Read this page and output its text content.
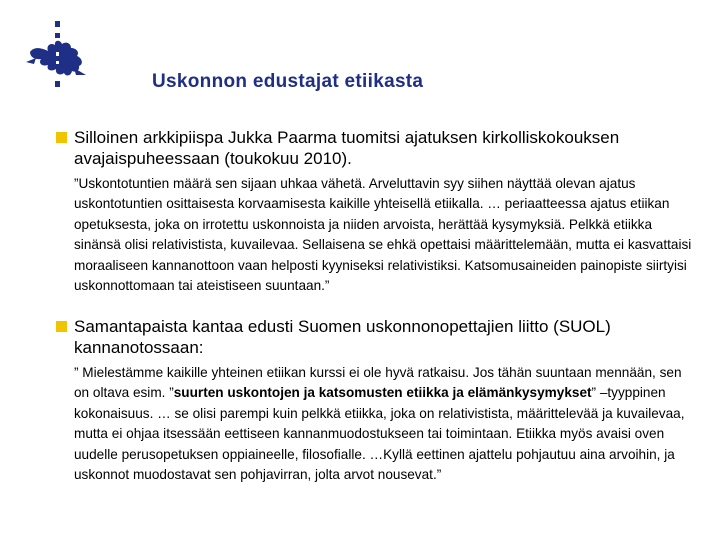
Uskonnon edustajat etiikasta
Silloinen arkkipiispa Jukka Paarma tuomitsi ajatuksen kirkolliskokouksen avajaispuheessaan (toukokuu 2010).
”Uskontotuntien määrä sen sijaan uhkaa vähetä. Arveluttavin syy siihen näyttää olevan ajatus uskontotuntien osittaisesta korvaamisesta kaikille yhteisellä etiikalla. … periaatteessa ajatus etiikan opetuksesta, joka on irrotettu uskonnoista ja niiden arvoista, herättää kysymyksiä. Pelkkä etiikka sinänsä olisi relativistista, kuvailevaa. Sellaisena se ehkä opettaisi määrittelemään, mutta ei kasvattaisi moraaliseen kannanottoon vaan helposti kyyniseksi relativistiksi. Katsomusaineiden painopiste siirtyisi uskonnottomaan tai ateistiseen suuntaan.”
Samantapaista kantaa edusti Suomen uskonnonopettajien liitto (SUOL) kannanotossaan:
” Mielestämme kaikille yhteinen etiikan kurssi ei ole hyvä ratkaisu. Jos tähän suuntaan mennään, sen on oltava esim. ”suurten uskontojen ja katsomusten etiikka ja elämänkysymykset” –tyyppinen kokonaisuus. … se olisi parempi kuin pelkkä etiikka, joka on relativistista, määrittelevää ja kuvailevaa, mutta ei ohjaa itsessään eettiseen kannanmuodostukseen tai toimintaan. Etiikka myös avaisi oven uudelle perusopetuksen oppiaineelle, filosofialle. …Kyllä eettinen ajattelu pohjautuu aina arvoihin, ja uskonnot muodostavat sen pohjavirran, jolta arvot nousevat.”
